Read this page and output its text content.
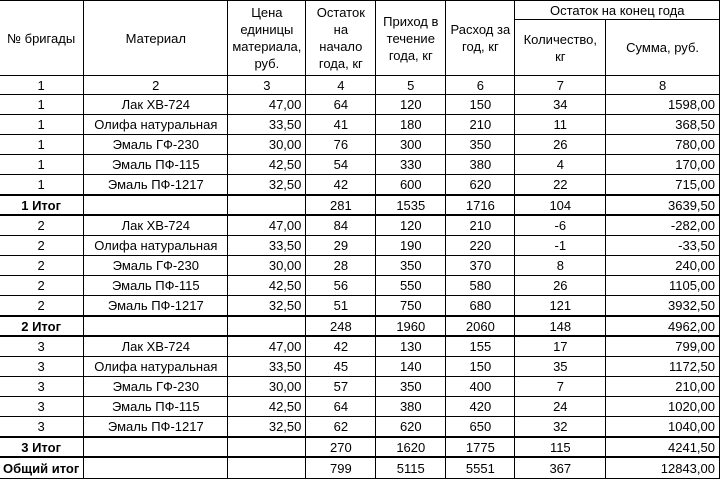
№ бригады	Материал	Цена единицы материала, руб.	Остаток на начало года, кг	Приход в течение года, кг	Расход за год, кг	Остаток на конец года	
						Количество, кг	Сумма, руб.
1	2	3	4	5	6	7	8
1	Лак ХВ-724	47,00	64	120	150	34	1598,00
1	Олифа натуральная	33,50	41	180	210	11	368,50
1	Эмаль ГФ-230	30,00	76	300	350	26	780,00
1	Эмаль ПФ-115	42,50	54	330	380	4	170,00
1	Эмаль ПФ-1217	32,50	42	600	620	22	715,00
1 Итог			281	1535	1716	104	3639,50
2	Лак ХВ-724	47,00	84	120	210	-6	-282,00
2	Олифа натуральная	33,50	29	190	220	-1	-33,50
2	Эмаль ГФ-230	30,00	28	350	370	8	240,00
2	Эмаль ПФ-115	42,50	56	550	580	26	1105,00
2	Эмаль ПФ-1217	32,50	51	750	680	121	3932,50
2 Итог			248	1960	2060	148	4962,00
3	Лак ХВ-724	47,00	42	130	155	17	799,00
3	Олифа натуральная	33,50	45	140	150	35	1172,50
3	Эмаль ГФ-230	30,00	57	350	400	7	210,00
3	Эмаль ПФ-115	42,50	64	380	420	24	1020,00
3	Эмаль ПФ-1217	32,50	62	620	650	32	1040,00
3 Итог			270	1620	1775	115	4241,50
Общий итог			799	5115	5551	367	12843,00
